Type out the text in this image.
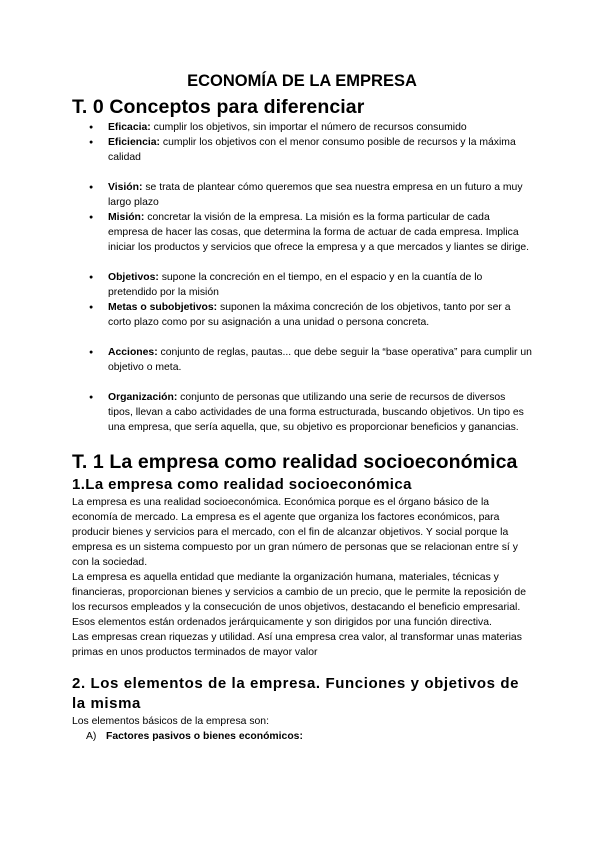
ECONOMÍA DE LA EMPRESA
T. 0 Conceptos para diferenciar
● Eficacia: cumplir los objetivos, sin importar el número de recursos consumido
● Eficiencia: cumplir los objetivos con el menor consumo posible de recursos y la máxima calidad
● Visión: se trata de plantear cómo queremos que sea nuestra empresa en un futuro a muy largo plazo
● Misión: concretar la visión de la empresa. La misión es la forma particular de cada empresa de hacer las cosas, que determina la forma de actuar de cada empresa. Implica iniciar los productos y servicios que ofrece la empresa y a que mercados y liantes se dirige.
● Objetivos: supone la concreción en el tiempo, en el espacio y en la cuantía de lo pretendido por la misión
● Metas o subobjetivos: suponen la máxima concreción de los objetivos, tanto por ser a corto plazo como por su asignación a una unidad o persona concreta.
● Acciones: conjunto de reglas, pautas... que debe seguir la “base operativa” para cumplir un objetivo o meta.
● Organización: conjunto de personas que utilizando una serie de recursos de diversos tipos, llevan a cabo actividades de una forma estructurada, buscando objetivos. Un tipo es una empresa, que sería aquella, que, su objetivo es proporcionar beneficios y ganancias.
T. 1 La empresa como realidad socioeconómica
1.La empresa como realidad socioeconómica

La empresa es una realidad socioeconómica. Económica porque es el órgano básico de la economía de mercado. La empresa es el agente que organiza los factores económicos, para producir bienes y servicios para el mercado, con el fin de alcanzar objetivos. Y social porque la empresa es un sistema compuesto por un gran número de personas que se relacionan entre sí y con la sociedad.

La empresa es aquella entidad que mediante la organización humana, materiales, técnicas y financieras, proporcionan bienes y servicios a cambio de un precio, que le permite la reposición de los recursos empleados y la consecución de unos objetivos, destacando el beneficio empresarial. Esos elementos están ordenados jerárquicamente y son dirigidos por una función directiva.

Las empresas crean riquezas y utilidad. Así una empresa crea valor, al transformar unas materias primas en unos productos terminados de mayor valor

2. Los elementos de la empresa. Funciones y objetivos de la misma

Los elementos básicos de la empresa son:

A) Factores pasivos o bienes económicos:
